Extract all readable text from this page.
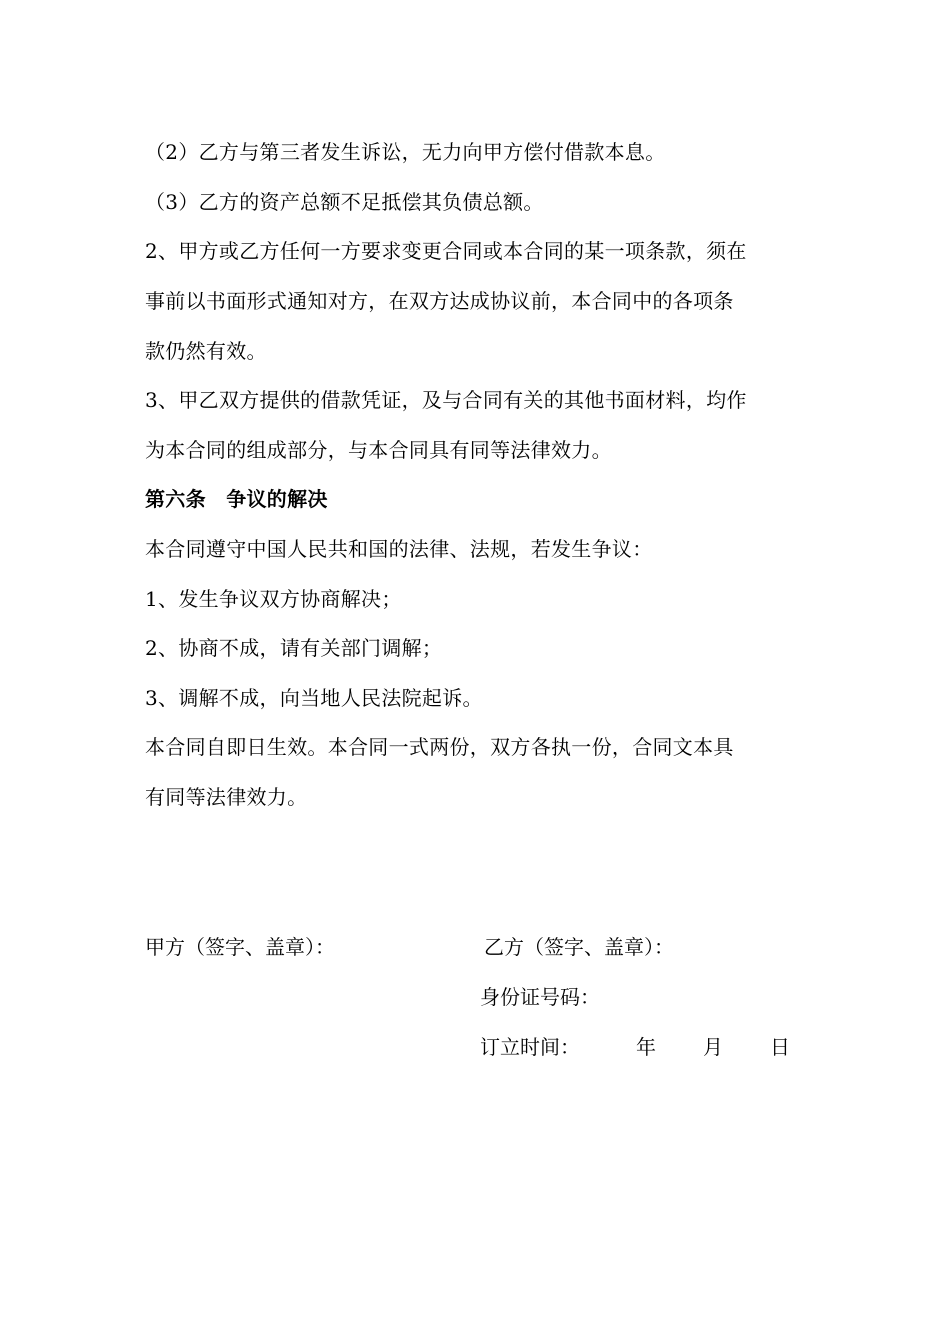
（2）乙方与第三者发生诉讼，无力向甲方偿付借款本息。
（3）乙方的资产总额不足抵偿其负债总额。
2、甲方或乙方任何一方要求变更合同或本合同的某一项条款，须在
事前以书面形式通知对方，在双方达成协议前，本合同中的各项条
款仍然有效。
3、甲乙双方提供的借款凭证，及与合同有关的其他书面材料，均作
为本合同的组成部分，与本合同具有同等法律效力。
第六条　争议的解决
本合同遵守中国人民共和国的法律、法规，若发生争议：
1、发生争议双方协商解决；
2、协商不成，请有关部门调解；
3、调解不成，向当地人民法院起诉。
本合同自即日生效。本合同一式两份，双方各执一份，合同文本具
有同等法律效力。
甲方（签字、盖章）：	乙方（签字、盖章）：
身份证号码：
订立时间：	年 月 日
